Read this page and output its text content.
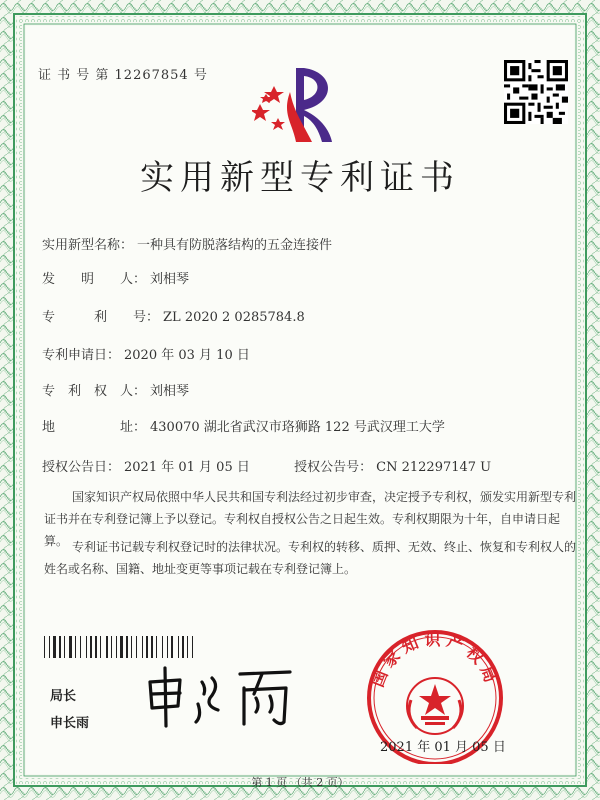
证 书 号 第 12267854 号
实用新型专利证书
实用新型名称： 一种具有防脱落结构的五金连接件
发　　明　　人： 刘相琴
专　　　利　　号： ZL 2020 2 0285784.8
专利申请日： 2020 年 03 月 10 日
专　利　权　人： 刘相琴
地　　　　　址： 430070 湖北省武汉市珞狮路 122 号武汉理工大学
授权公告日： 2021 年 01 月 05 日	授权公告号： CN 212297147 U
国家知识产权局依照中华人民共和国专利法经过初步审查，决定授予专利权，颁发实用新型专利证书并在专利登记簿上予以登记。专利权自授权公告之日起生效。专利权期限为十年，自申请日起算。 专利证书记载专利权登记时的法律状况。专利权的转移、质押、无效、终止、恢复和专利权人的姓名或名称、国籍、地址变更等事项记载在专利登记簿上。
局长
申长雨
国家知识产权局
2021 年 01 月 05 日
第 1 页 （共 2 页）
